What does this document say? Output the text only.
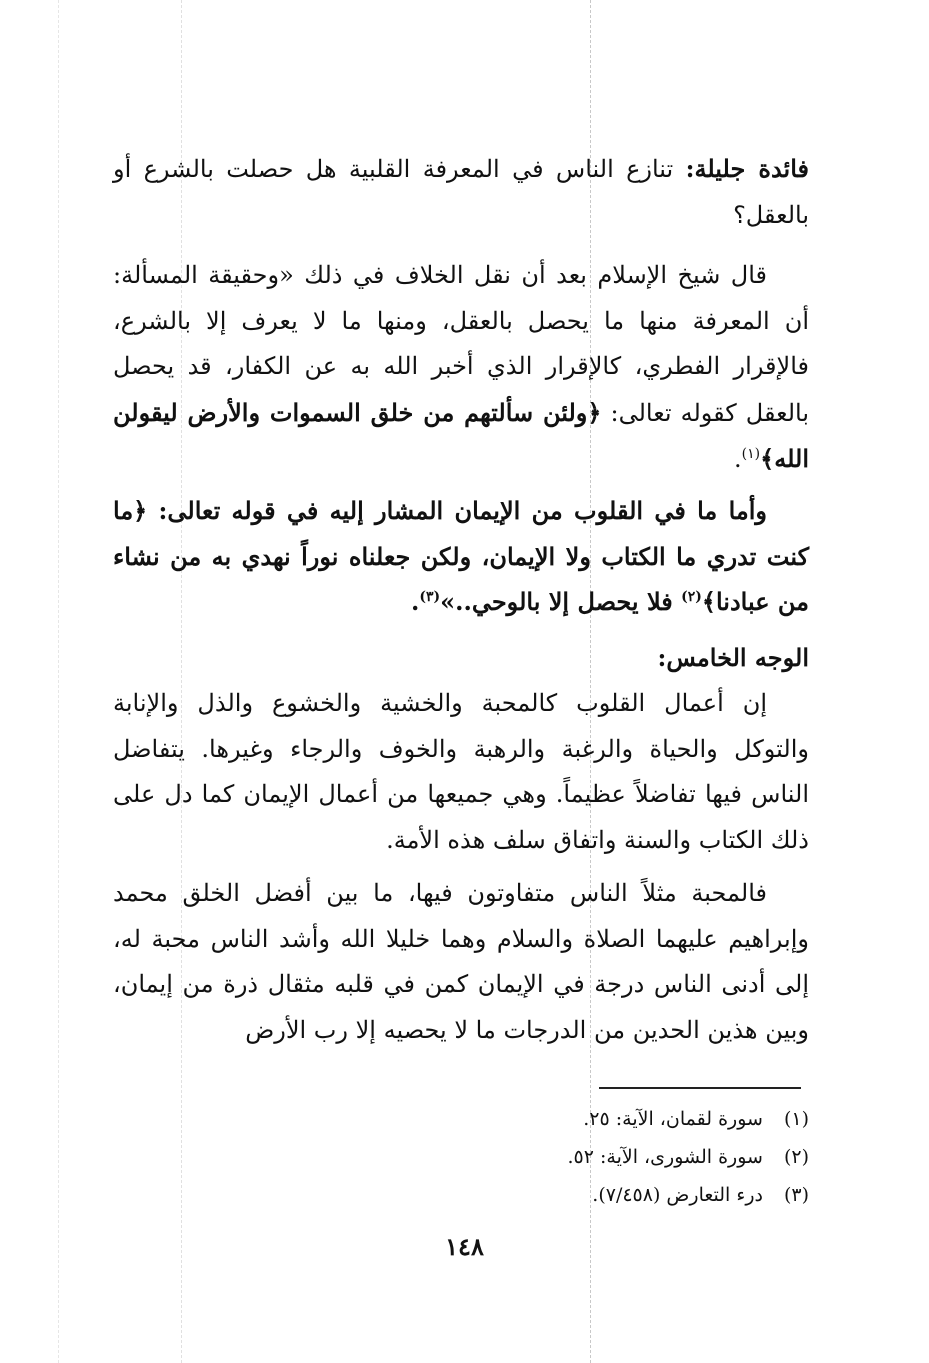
فائدة جليلة: تنازع الناس في المعرفة القلبية هل حصلت بالشرع أو بالعقل؟

قال شيخ الإسلام بعد أن نقل الخلاف في ذلك «وحقيقة المسألة: أن المعرفة منها ما يحصل بالعقل، ومنها ما لا يعرف إلا بالشرع، فالإقرار الفطري، كالإقرار الذي أخبر الله به عن الكفار، قد يحصل بالعقل كقوله تعالى: ﴿ولئن سألتهم من خلق السموات والأرض ليقولن الله﴾$^{(١)}$.

وأما ما في القلوب من الإيمان المشار إليه في قوله تعالى: ﴿ما كنت تدري ما الكتاب ولا الإيمان، ولكن جعلناه نوراً نهدي به من نشاء من عبادنا﴾$^{(٢)}$ فلا يحصل إلا بالوحي..»$^{(٣)}$.

الوجه الخامس:

إن أعمال القلوب كالمحبة والخشية والخشوع والذل والإنابة والتوكل والحياة والرغبة والرهبة والخوف والرجاء وغيرها. يتفاضل الناس فيها تفاضلاً عظيماً. وهي جميعها من أعمال الإيمان كما دل على ذلك الكتاب والسنة واتفاق سلف هذه الأمة.

فالمحبة مثلاً الناس متفاوتون فيها، ما بين أفضل الخلق محمد وإبراهيم عليهما الصلاة والسلام وهما خليلا الله وأشد الناس محبة له، إلى أدنى الناس درجة في الإيمان كمن في قلبه مثقال ذرة من إيمان، وبين هذين الحدين من الدرجات ما لا يحصيه إلا رب الأرض

(١) سورة لقمان، الآية: ٢٥.
(٢) سورة الشورى، الآية: ٥٢.
(٣) درء التعارض (٧/٤٥٨).
١٤٨
